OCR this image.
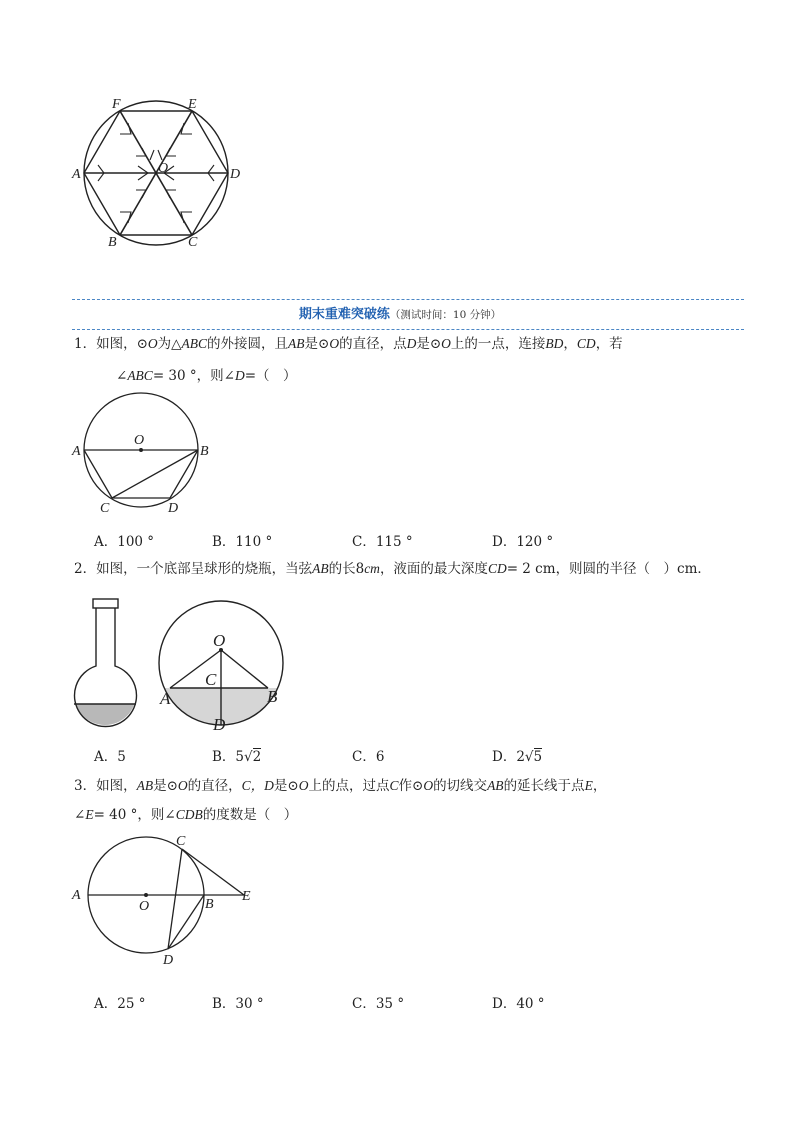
F	E
A	O	D
B	C
期末重难突破练（测试时间：10 分钟）
1．如图，⊙O为△ABC的外接圆，且AB是⊙O的直径，点D是⊙O上的一点，连接BD，CD，若
∠ABC= 30 °，则∠D=（　）
A
O
B
C	D
A．100 °	B．110 °	C．115 °	D．120 °
2．如图，一个底部呈球形的烧瓶，当弦AB的长8cm，液面的最大深度CD= 2 cm，则圆的半径（　）cm．
O
C
A	B
D
A．5	B．5√2	C．6	D．2√5
3．如图，AB是⊙O的直径，C，D是⊙O上的点，过点C作⊙O的切线交AB的延长线于点E，
∠E= 40 °，则∠CDB的度数是（　）
C
A
O	B
E
D
A．25 °	B．30 °	C．35 °	D．40 °
